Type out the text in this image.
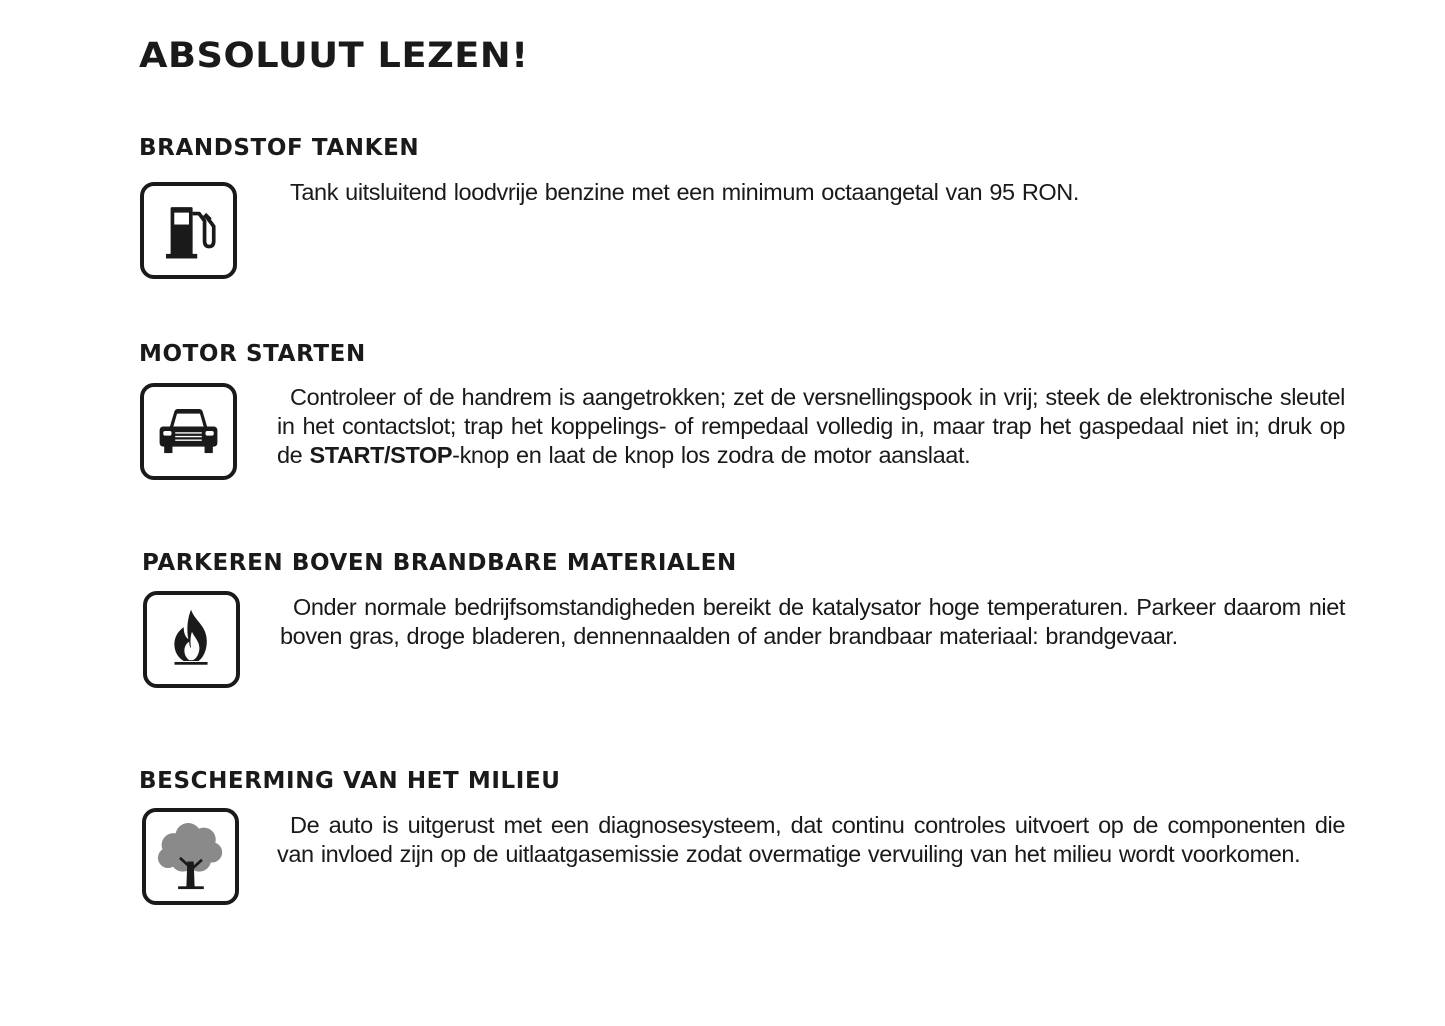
ABSOLUUT LEZEN!
BRANDSTOF TANKEN

Tank uitsluitend loodvrije benzine met een minimum octaangetal van 95 RON.

MOTOR STARTEN

Controleer of de handrem is aangetrokken; zet de versnellingspook in vrij; steek de elektronische sleutel in het contactslot; trap het koppelings- of rempedaal volledig in, maar trap het gaspedaal niet in; druk op de START/STOP-knop en laat de knop los zodra de motor aanslaat.

PARKEREN BOVEN BRANDBARE MATERIALEN

Onder normale bedrijfsomstandigheden bereikt de katalysator hoge temperaturen. Parkeer daarom niet boven gras, droge bladeren, dennennaalden of ander brandbaar materiaal: brandgevaar.

BESCHERMING VAN HET MILIEU

De auto is uitgerust met een diagnosesysteem, dat continu controles uitvoert op de componenten die van invloed zijn op de uitlaatgasemissie zodat overmatige vervuiling van het milieu wordt voorkomen.
